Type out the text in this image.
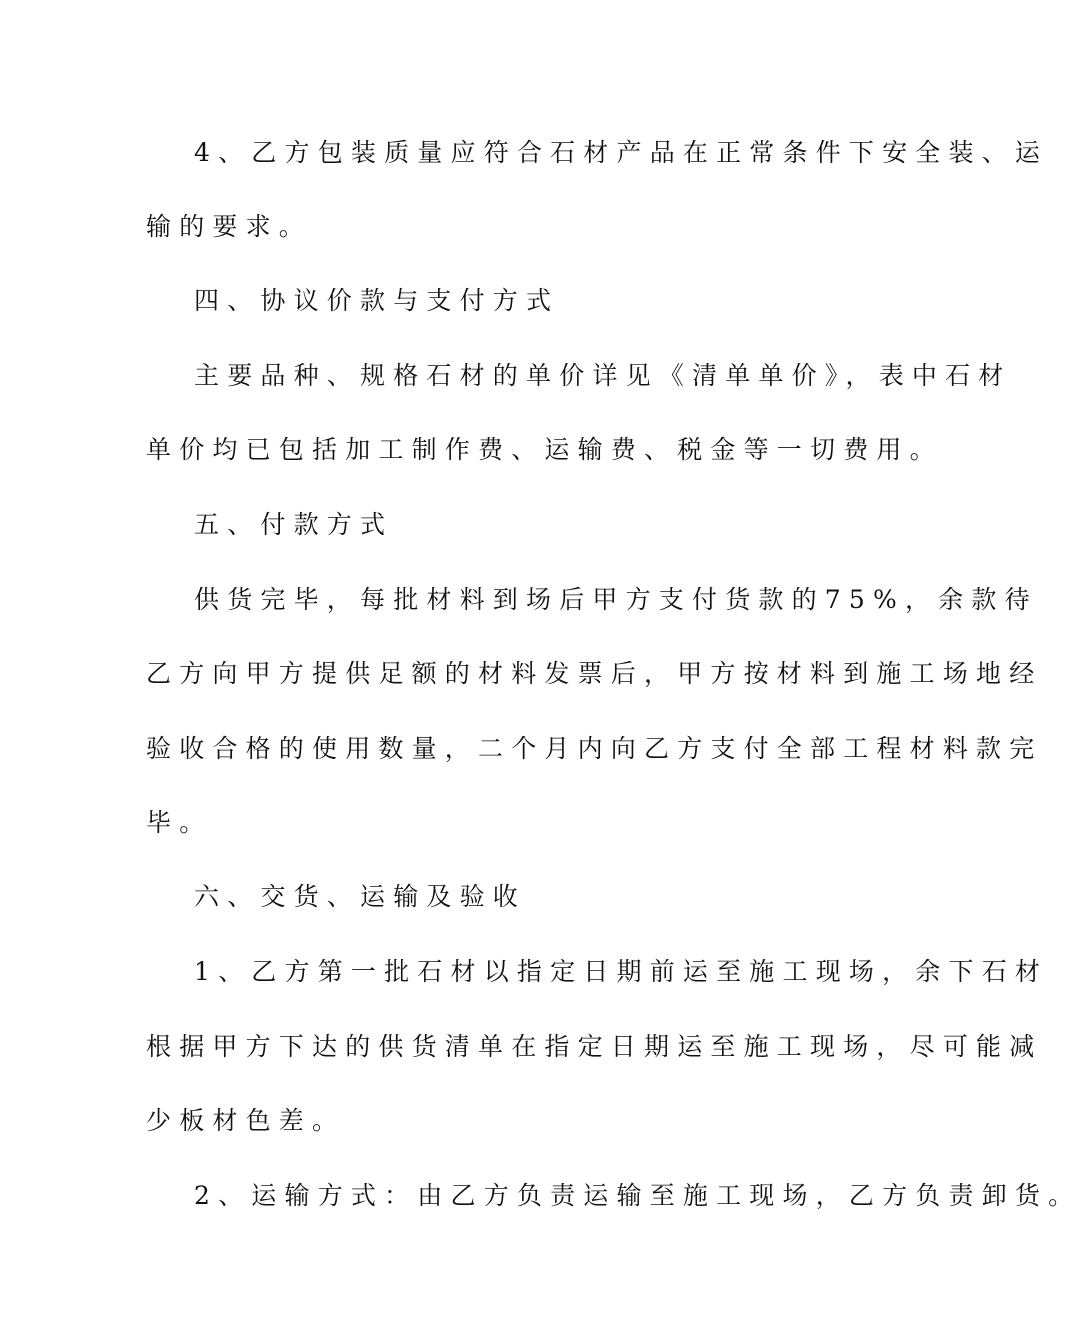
4、乙方包装质量应符合石材产品在正常条件下安全装、运
输的要求。
四、协议价款与支付方式
主要品种、规格石材的单价详见《清单单价》，表中石材
单价均已包括加工制作费、运输费、税金等一切费用。
五、付款方式
供货完毕，每批材料到场后甲方支付货款的75%，余款待
乙方向甲方提供足额的材料发票后，甲方按材料到施工场地经
验收合格的使用数量，二个月内向乙方支付全部工程材料款完
毕。
六、交货、运输及验收
1、乙方第一批石材以指定日期前运至施工现场，余下石材
根据甲方下达的供货清单在指定日期运至施工现场，尽可能减
少板材色差。
2、运输方式：由乙方负责运输至施工现场，乙方负责卸货。
